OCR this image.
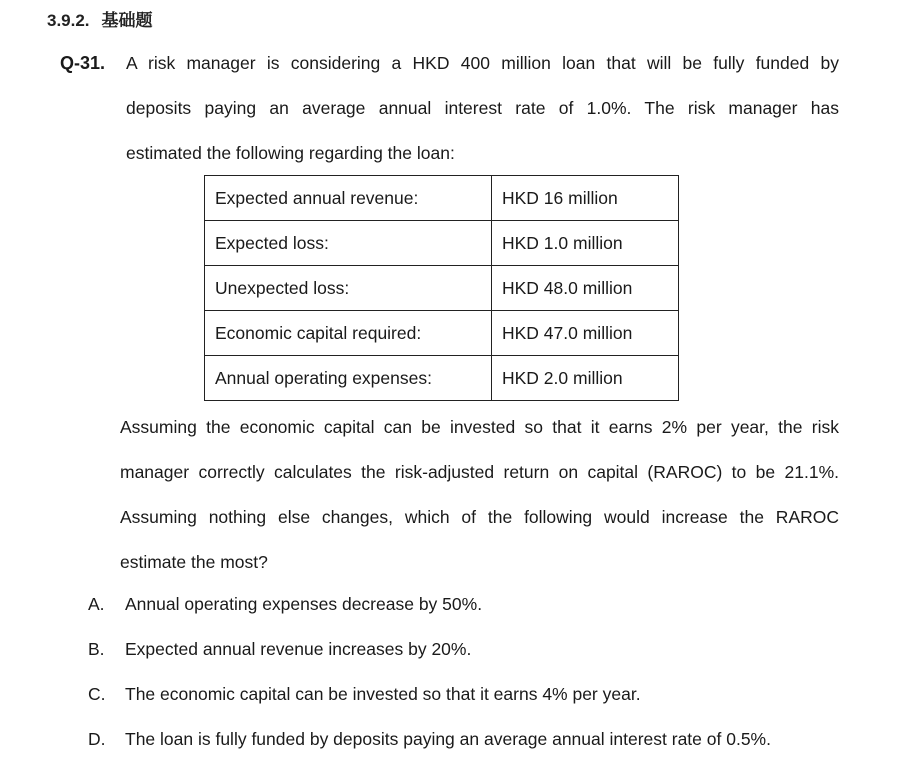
3.9.2. 基础题
Q-31. A risk manager is considering a HKD 400 million loan that will be fully funded by
deposits paying an average annual interest rate of 1.0%. The risk manager has
estimated the following regarding the loan:
Expected annual revenue:	HKD 16 million
Expected loss:	HKD 1.0 million
Unexpected loss:	HKD 48.0 million
Economic capital required:	HKD 47.0 million
Annual operating expenses:	HKD 2.0 million
Assuming the economic capital can be invested so that it earns 2% per year, the risk
manager correctly calculates the risk-adjusted return on capital (RAROC) to be 21.1%.
Assuming nothing else changes, which of the following would increase the RAROC
estimate the most?
A. Annual operating expenses decrease by 50%.
B. Expected annual revenue increases by 20%.
C. The economic capital can be invested so that it earns 4% per year.
D. The loan is fully funded by deposits paying an average annual interest rate of 0.5%.
